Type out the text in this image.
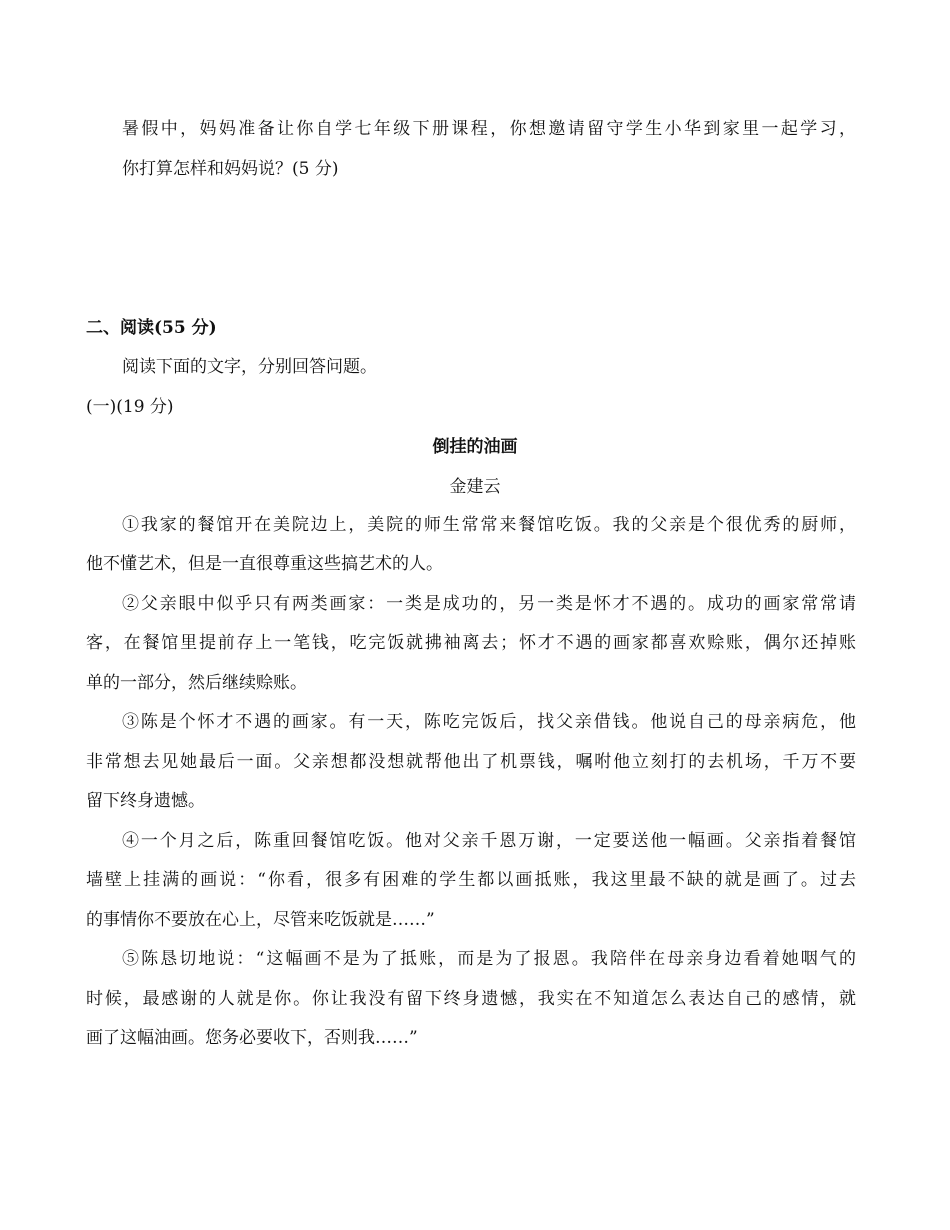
暑假中，妈妈准备让你自学七年级下册课程，你想邀请留守学生小华到家里一起学习，
你打算怎样和妈妈说？(5 分)
二、阅读(55 分)
阅读下面的文字，分别回答问题。
(一)(19 分)
倒挂的油画
金建云
①我家的餐馆开在美院边上，美院的师生常常来餐馆吃饭。我的父亲是个很优秀的厨师，
他不懂艺术，但是一直很尊重这些搞艺术的人。
②父亲眼中似乎只有两类画家：一类是成功的，另一类是怀才不遇的。成功的画家常常请
客，在餐馆里提前存上一笔钱，吃完饭就拂袖离去；怀才不遇的画家都喜欢赊账，偶尔还掉账
单的一部分，然后继续赊账。
③陈是个怀才不遇的画家。有一天，陈吃完饭后，找父亲借钱。他说自己的母亲病危，他
非常想去见她最后一面。父亲想都没想就帮他出了机票钱，嘱咐他立刻打的去机场，千万不要
留下终身遗憾。
④一个月之后，陈重回餐馆吃饭。他对父亲千恩万谢，一定要送他一幅画。父亲指着餐馆
墙壁上挂满的画说：“你看，很多有困难的学生都以画抵账，我这里最不缺的就是画了。过去
的事情你不要放在心上，尽管来吃饭就是……”
⑤陈恳切地说：“这幅画不是为了抵账，而是为了报恩。我陪伴在母亲身边看着她咽气的
时候，最感谢的人就是你。你让我没有留下终身遗憾，我实在不知道怎么表达自己的感情，就
画了这幅油画。您务必要收下，否则我……”
